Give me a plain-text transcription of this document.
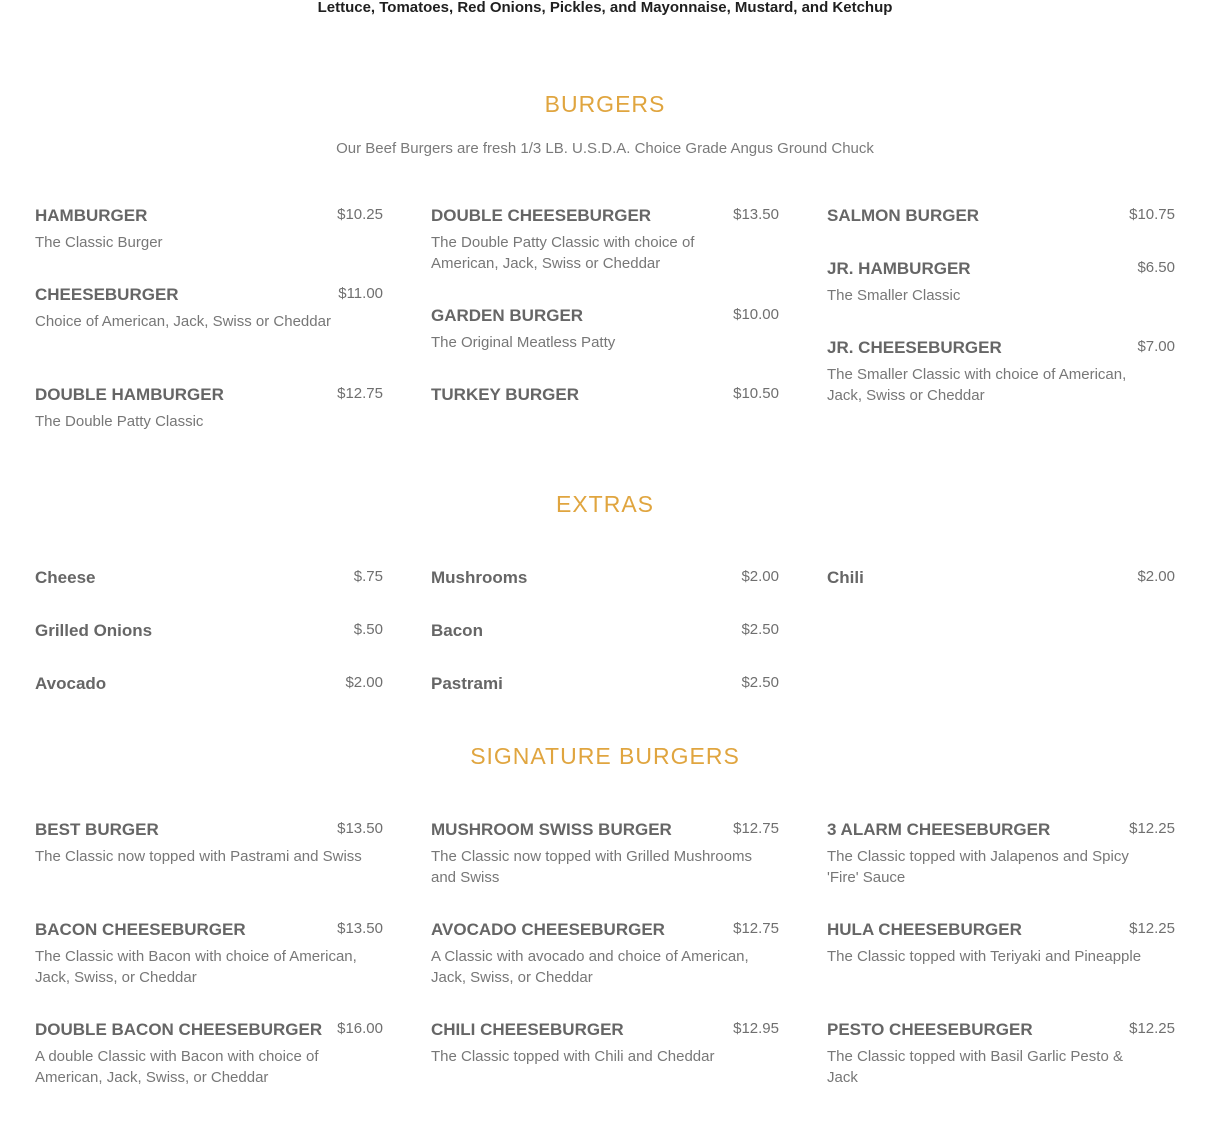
Lettuce, Tomatoes, Red Onions, Pickles, and Mayonnaise, Mustard, and Ketchup
BURGERS
Our Beef Burgers are fresh 1/3 LB. U.S.D.A. Choice Grade Angus Ground Chuck
HAMBURGER	$10.25
The Classic Burger
CHEESEBURGER	$11.00
Choice of American, Jack, Swiss or Cheddar
DOUBLE HAMBURGER	$12.75
The Double Patty Classic
DOUBLE CHEESEBURGER	$13.50
The Double Patty Classic with choice of American, Jack, Swiss or Cheddar
GARDEN BURGER	$10.00
The Original Meatless Patty
TURKEY BURGER	$10.50
SALMON BURGER	$10.75
JR. HAMBURGER	$6.50
The Smaller Classic
JR. CHEESEBURGER	$7.00
The Smaller Classic with choice of American, Jack, Swiss or Cheddar
EXTRAS
Cheese	$.75
Grilled Onions	$.50
Avocado	$2.00
Mushrooms	$2.00
Bacon	$2.50
Pastrami	$2.50
Chili	$2.00
SIGNATURE BURGERS
BEST BURGER	$13.50
The Classic now topped with Pastrami and Swiss
BACON CHEESEBURGER	$13.50
The Classic with Bacon with choice of American, Jack, Swiss, or Cheddar
DOUBLE BACON CHEESEBURGER $16.00
A double Classic with Bacon with choice of American, Jack, Swiss, or Cheddar
MUSHROOM SWISS BURGER	$12.75
The Classic now topped with Grilled Mushrooms and Swiss
AVOCADO CHEESEBURGER	$12.75
A Classic with avocado and choice of American, Jack, Swiss, or Cheddar
CHILI CHEESEBURGER	$12.95
The Classic topped with Chili and Cheddar
3 ALARM CHEESEBURGER	$12.25
The Classic topped with Jalapenos and Spicy 'Fire' Sauce
HULA CHEESEBURGER	$12.25
The Classic topped with Teriyaki and Pineapple
PESTO CHEESEBURGER	$12.25
The Classic topped with Basil Garlic Pesto & Jack
